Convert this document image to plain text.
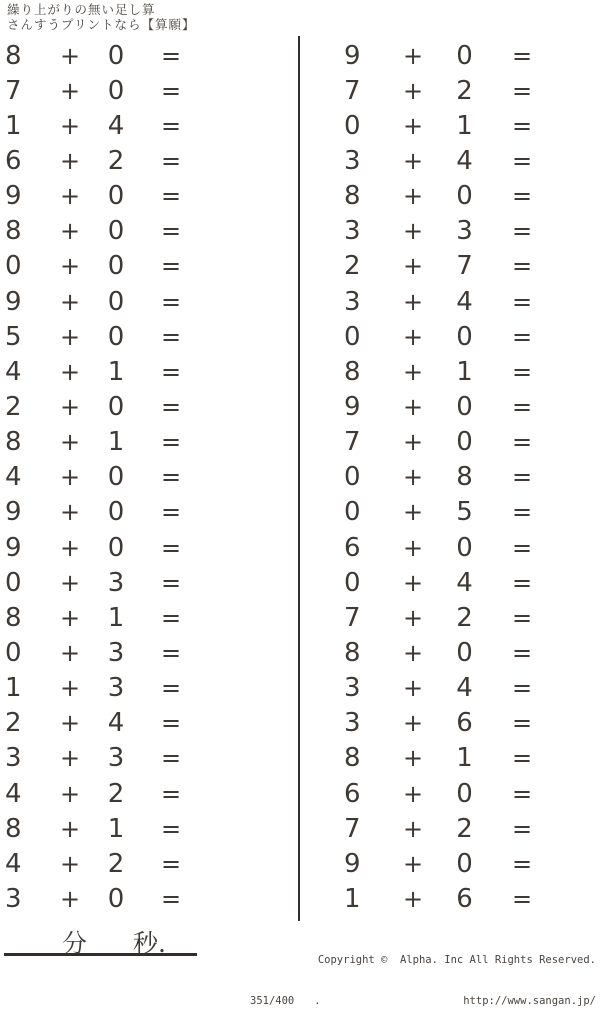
繰り上がりの無い足し算
さんすうプリントなら【算願】
8	+	0	=
7	+	0	=
1	+	4	=
6	+	2	=
9	+	0	=
8	+	0	=
0	+	0	=
9	+	0	=
5	+	0	=
4	+	1	=
2	+	0	=
8	+	1	=
4	+	0	=
9	+	0	=
9	+	0	=
0	+	3	=
8	+	1	=
0	+	3	=
1	+	3	=
2	+	4	=
3	+	3	=
4	+	2	=
8	+	1	=
4	+	2	=
3	+	0	=
9	+	0	=
7	+	2	=
0	+	1	=
3	+	4	=
8	+	0	=
3	+	3	=
2	+	7	=
3	+	4	=
0	+	0	=
8	+	1	=
9	+	0	=
7	+	0	=
0	+	8	=
0	+	5	=
6	+	0	=
0	+	4	=
7	+	2	=
8	+	0	=
3	+	4	=
3	+	6	=
8	+	1	=
6	+	0	=
7	+	2	=
9	+	0	=
1	+	6	=
分 秒.

Copyright ©  Alpha. Inc All Rights Reserved.

351/400 .	http://www.sangan.jp/
